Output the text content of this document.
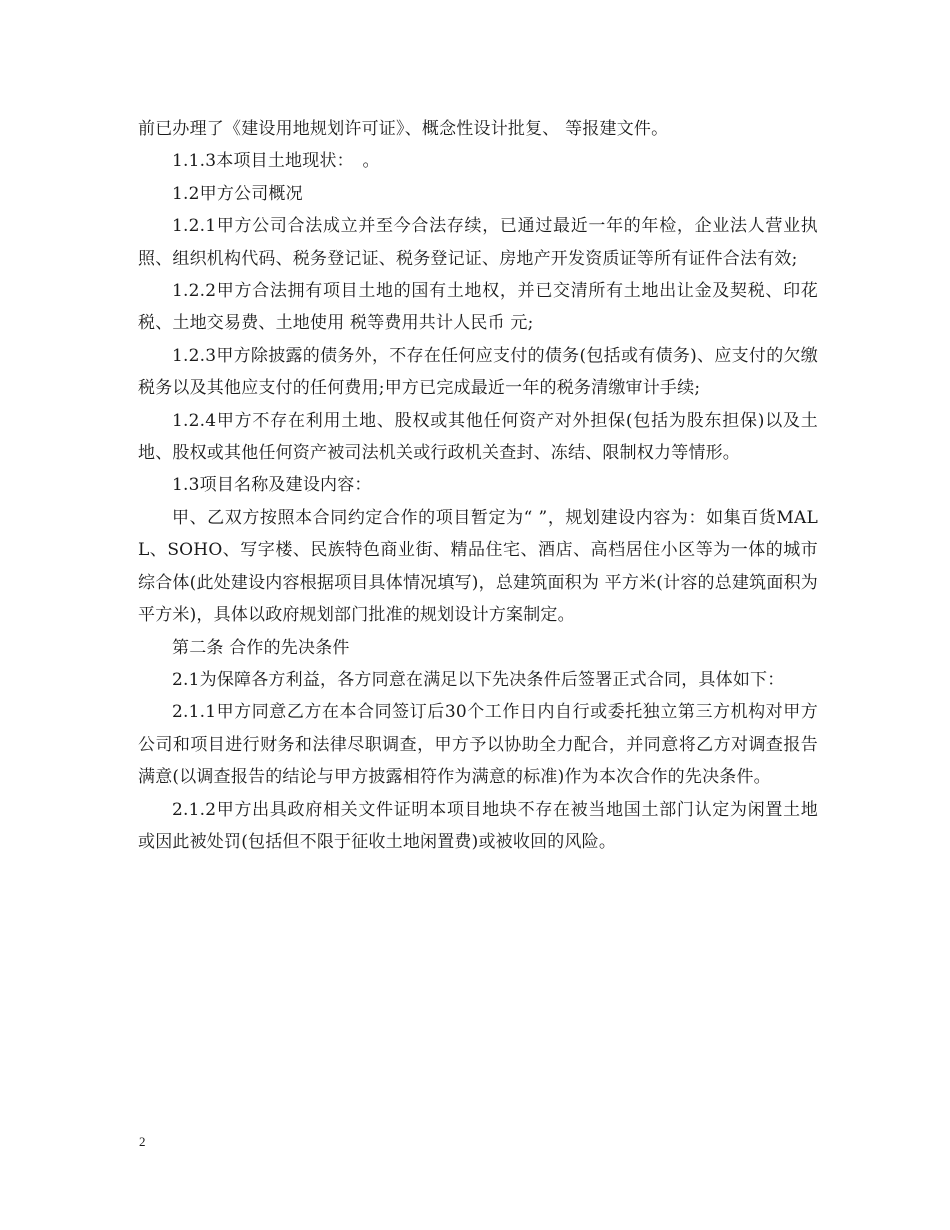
前已办理了《建设用地规划许可证》、概念性设计批复、 等报建文件。

1.1.3本项目土地现状：　。

1.2甲方公司概况

1.2.1甲方公司合法成立并至今合法存续，已通过最近一年的年检，企业法人营业执照、组织机构代码、税务登记证、税务登记证、房地产开发资质证等所有证件合法有效;

1.2.2甲方合法拥有项目土地的国有土地权，并已交清所有土地出让金及契税、印花税、土地交易费、土地使用 税等费用共计人民币 元;

1.2.3甲方除披露的债务外，不存在任何应支付的债务(包括或有债务)、应支付的欠缴税务以及其他应支付的任何费用;甲方已完成最近一年的税务清缴审计手续;

1.2.4甲方不存在利用土地、股权或其他任何资产对外担保(包括为股东担保)以及土地、股权或其他任何资产被司法机关或行政机关查封、冻结、限制权力等情形。

1.3项目名称及建设内容：

甲、乙双方按照本合同约定合作的项目暂定为“ ”，规划建设内容为：如集百货MALL、SOHO、写字楼、民族特色商业街、精品住宅、酒店、高档居住小区等为一体的城市综合体(此处建设内容根据项目具体情况填写)，总建筑面积为 平方米(计容的总建筑面积为 平方米)，具体以政府规划部门批准的规划设计方案制定。

第二条 合作的先决条件

2.1为保障各方利益，各方同意在满足以下先决条件后签署正式合同，具体如下：

2.1.1甲方同意乙方在本合同签订后30个工作日内自行或委托独立第三方机构对甲方公司和项目进行财务和法律尽职调查，甲方予以协助全力配合，并同意将乙方对调查报告满意(以调查报告的结论与甲方披露相符作为满意的标准)作为本次合作的先决条件。

2.1.2甲方出具政府相关文件证明本项目地块不存在被当地国土部门认定为闲置土地或因此被处罚(包括但不限于征收土地闲置费)或被收回的风险。

2
